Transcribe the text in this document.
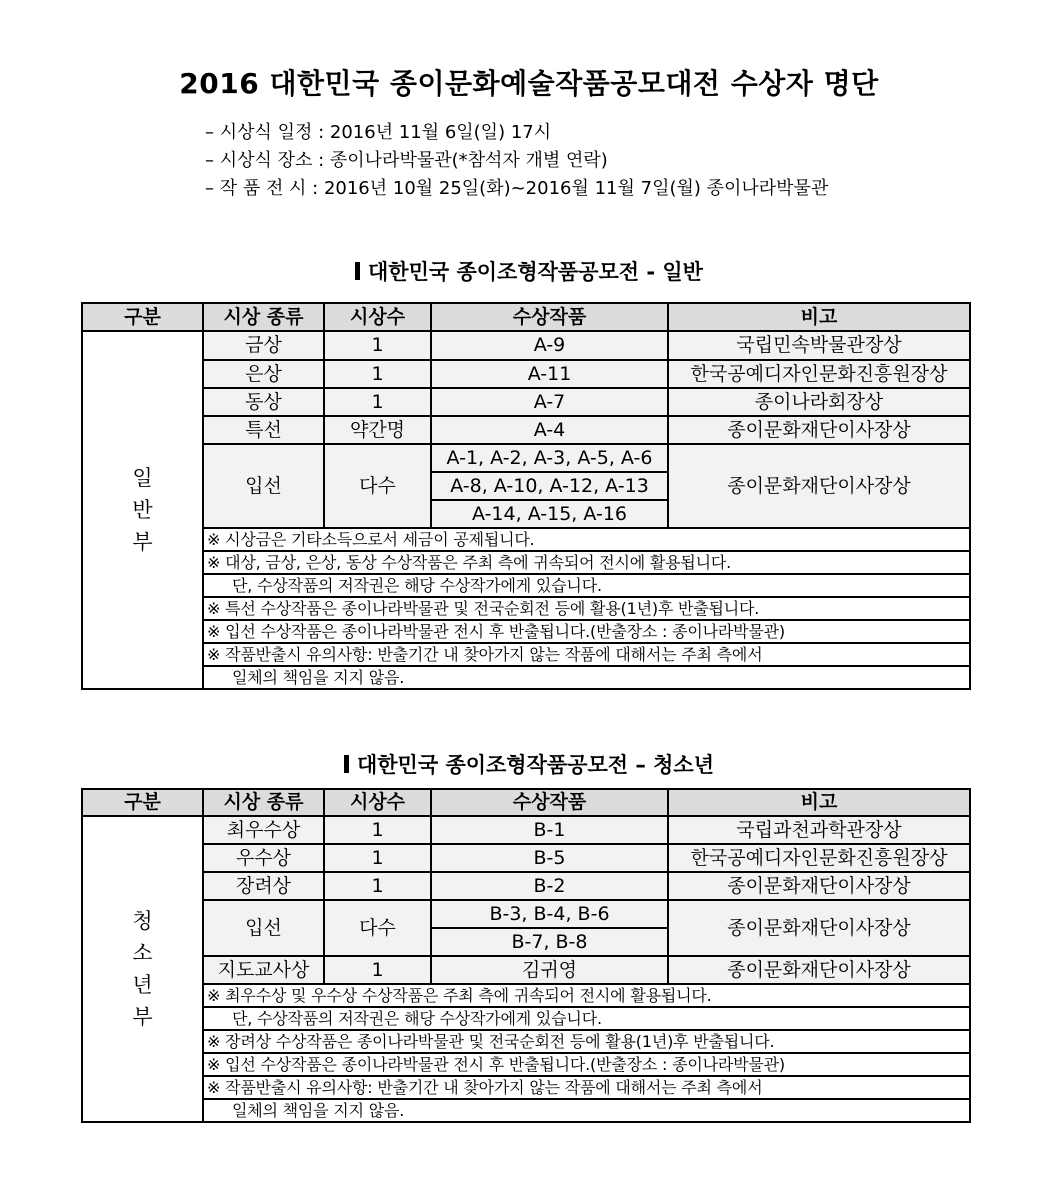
2016 대한민국 종이문화예술작품공모대전 수상자 명단
– 시상식 일정 : 2016년 11월 6일(일) 17시
– 시상식 장소 : 종이나라박물관(*참석자 개별 연락)
– 작 품 전 시 : 2016년 10월 25일(화)~2016월 11월 7일(월) 종이나라박물관
대한민국 종이조형작품공모전 - 일반
구분	시상 종류	시상수	수상작품	비고

일
반
부	금상	1	A-9	국립민속박물관장상
	은상	1	A-11	한국공예디자인문화진흥원장상
	동상	1	A-7	종이나라회장상
	특선	약간명	A-4	종이문화재단이사장상
	입선	다수	A-1, A-2, A-3, A-5, A-6	종이문화재단이사장상
			A-8, A-10, A-12, A-13	
			A-14, A-15, A-16	
	※ 시상금은 기타소득으로서 세금이 공제됩니다.			
	※ 대상, 금상, 은상, 동상 수상작품은 주최 측에 귀속되어 전시에 활용됩니다.			
	단, 수상작품의 저작권은 해당 수상작가에게 있습니다.			
	※ 특선 수상작품은 종이나라박물관 및 전국순회전 등에 활용(1년)후 반출됩니다.			
	※ 입선 수상작품은 종이나라박물관 전시 후 반출됩니다.(반출장소 : 종이나라박물관)			
	※ 작품반출시 유의사항: 반출기간 내 찾아가지 않는 작품에 대해서는 주최 측에서			
	일체의 책임을 지지 않음.			
대한민국 종이조형작품공모전 – 청소년
구분	시상 종류	시상수	수상작품	비고

청
소
년
부	최우수상	1	B-1	국립과천과학관장상
	우수상	1	B-5	한국공예디자인문화진흥원장상
	장려상	1	B-2	종이문화재단이사장상
	입선	다수	B-3, B-4, B-6	종이문화재단이사장상
			B-7, B-8	
	지도교사상	1	김귀영	종이문화재단이사장상
	※ 최우수상 및 우수상 수상작품은 주최 측에 귀속되어 전시에 활용됩니다.			
	단, 수상작품의 저작권은 해당 수상작가에게 있습니다.			
	※ 장려상 수상작품은 종이나라박물관 및 전국순회전 등에 활용(1년)후 반출됩니다.			
	※ 입선 수상작품은 종이나라박물관 전시 후 반출됩니다.(반출장소 : 종이나라박물관)			
	※ 작품반출시 유의사항: 반출기간 내 찾아가지 않는 작품에 대해서는 주최 측에서			
	일체의 책임을 지지 않음.			
